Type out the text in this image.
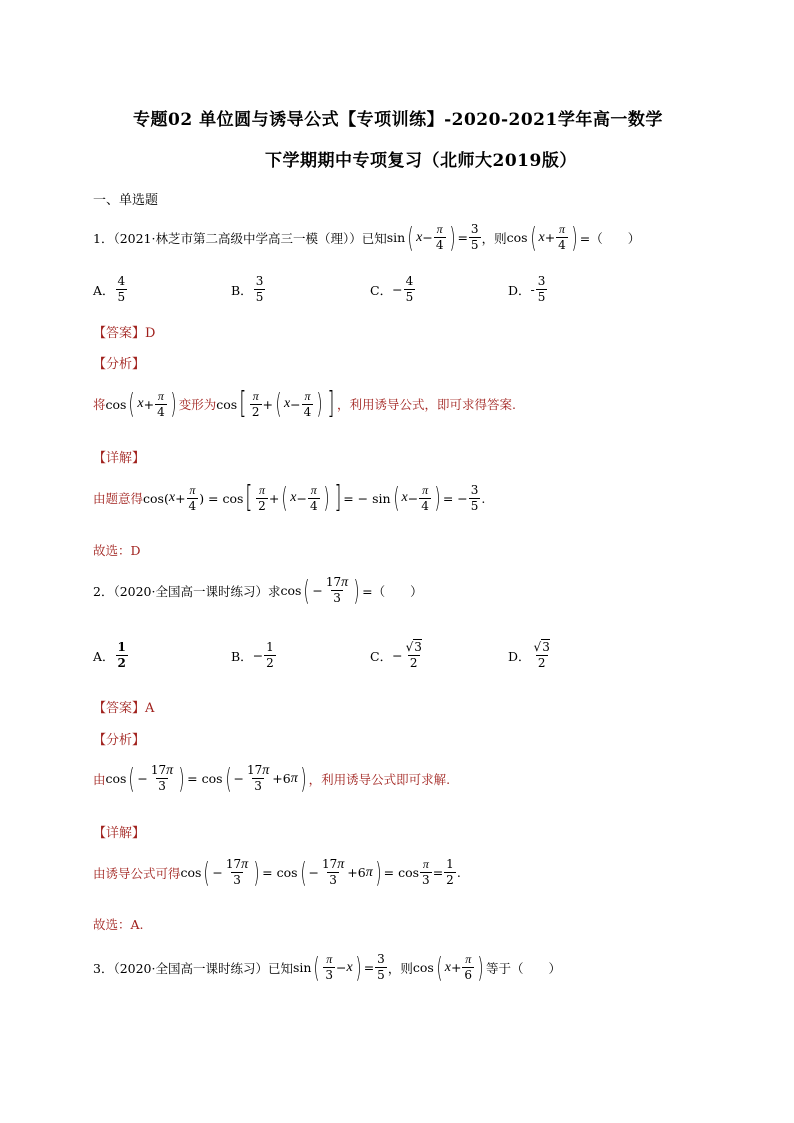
专题02 单位圆与诱导公式【专项训练】-2020-2021学年高一数学
下学期期中专项复习（北师大2019版）
一、单选题
1．（2021·林芝市第二高级中学高三一模（理））已知 sin ( $x - \frac{\pi}{4}$ ) = $\frac{3}{5}$ ，则 cos ( $x + \frac{\pi}{4}$ ) =（　　）
A． $\frac{4}{5}$	B． $\frac{3}{5}$	C． − $\frac{4}{5}$	D． - $\frac{3}{5}$
【答案】D
【分析】
将 cos ( $x + \frac{\pi}{4}$ ) 变形为 cos [ $\frac{\pi}{2}$ + ( $x - \frac{\pi}{4}$ ) ] ，利用诱导公式，即可求得答案.
【详解】
由题意得 cos( $x + \frac{\pi}{4}$ ) = cos [ $\frac{\pi}{2}$ + ( $x - \frac{\pi}{4}$ ) ] = − sin ( $x - \frac{\pi}{4}$ ) = − $\frac{3}{5}$ .
故选：D
2．（2020·全国高一课时练习）求 cos ( − $\frac{17\pi}{3}$ ) =（　　）
A． $\frac{1}{2}$	B． − $\frac{1}{2}$	C． − $\frac{√3}{2}$	D． $\frac{√3}{2}$
【答案】A
【分析】
由 cos ( − $\frac{17\pi}{3}$ ) = cos ( − $\frac{17\pi}{3} +6$ π ) ，利用诱导公式即可求解.
【详解】
由诱导公式可得 cos ( − $\frac{17\pi}{3}$ ) = cos ( − $\frac{17\pi}{3} +6$ π ) = $\cos \frac{\pi}{3} = \frac{1}{2}$ .
故选：A.
3．（2020·全国高一课时练习）已知 sin ( $\frac{\pi}{3} - x$ ) = $\frac{3}{5}$ ，则 cos ( $x + \frac{\pi}{6}$ ) 等于（　　）
